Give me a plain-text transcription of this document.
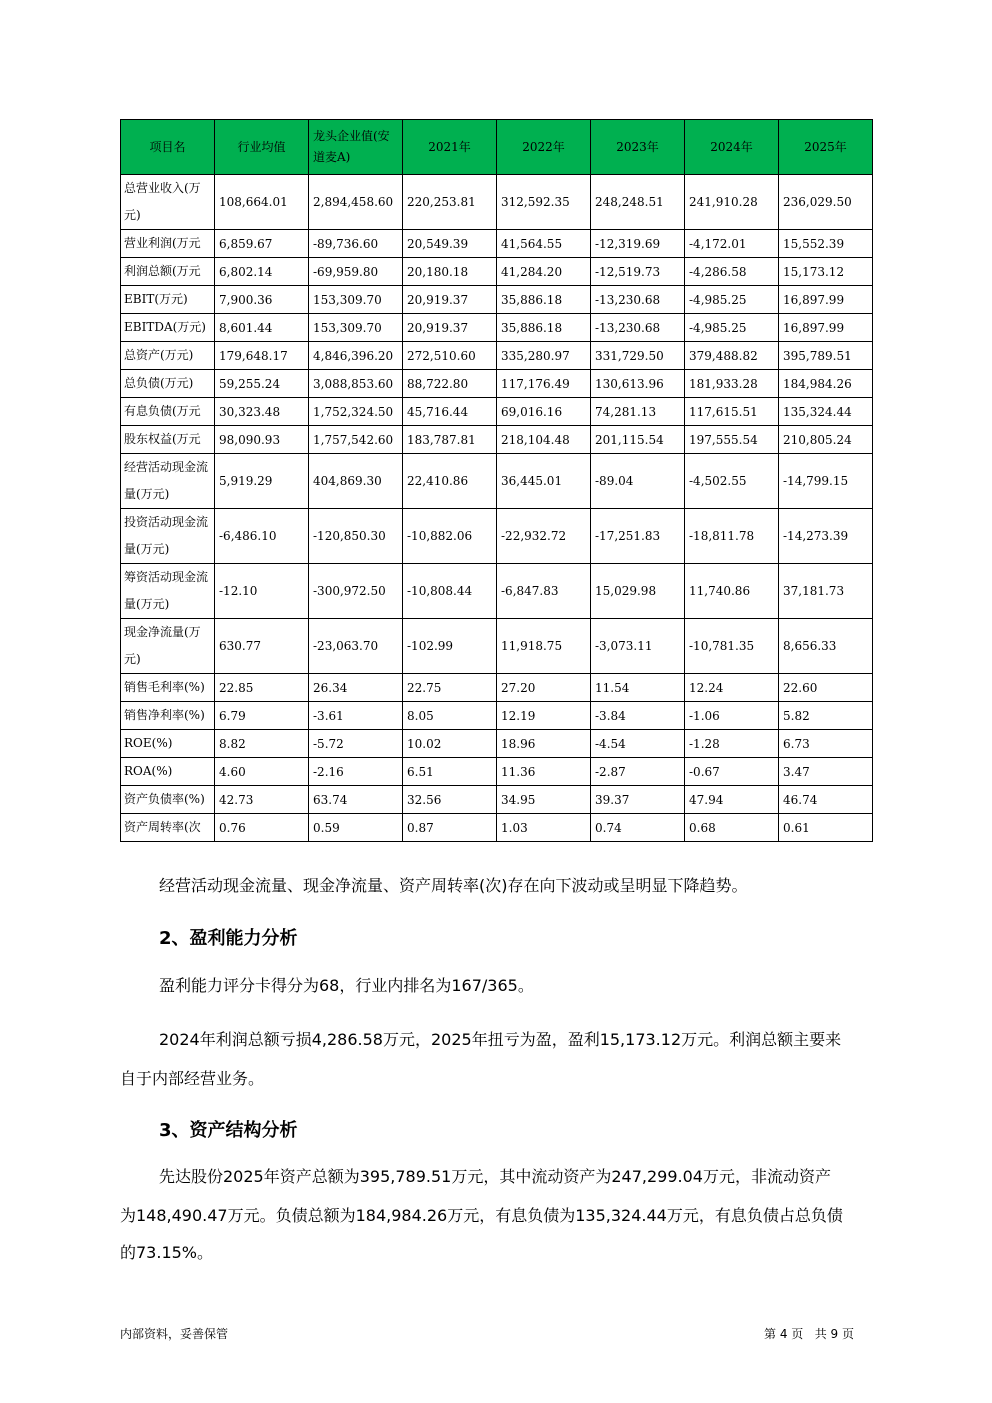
项目名	行业均值	龙头企业值(安道麦A)	2021年	2022年	2023年	2024年	2025年
总营业收入(万元)	108,664.01	2,894,458.60	220,253.81	312,592.35	248,248.51	241,910.28	236,029.50
营业利润(万元	6,859.67	-89,736.60	20,549.39	41,564.55	-12,319.69	-4,172.01	15,552.39
利润总额(万元	6,802.14	-69,959.80	20,180.18	41,284.20	-12,519.73	-4,286.58	15,173.12
EBIT(万元)	7,900.36	153,309.70	20,919.37	35,886.18	-13,230.68	-4,985.25	16,897.99
EBITDA(万元)	8,601.44	153,309.70	20,919.37	35,886.18	-13,230.68	-4,985.25	16,897.99
总资产(万元)	179,648.17	4,846,396.20	272,510.60	335,280.97	331,729.50	379,488.82	395,789.51
总负债(万元)	59,255.24	3,088,853.60	88,722.80	117,176.49	130,613.96	181,933.28	184,984.26
有息负债(万元	30,323.48	1,752,324.50	45,716.44	69,016.16	74,281.13	117,615.51	135,324.44
股东权益(万元	98,090.93	1,757,542.60	183,787.81	218,104.48	201,115.54	197,555.54	210,805.24
经营活动现金流量(万元)	5,919.29	404,869.30	22,410.86	36,445.01	-89.04	-4,502.55	-14,799.15
投资活动现金流量(万元)	-6,486.10	-120,850.30	-10,882.06	-22,932.72	-17,251.83	-18,811.78	-14,273.39
筹资活动现金流量(万元)	-12.10	-300,972.50	-10,808.44	-6,847.83	15,029.98	11,740.86	37,181.73
现金净流量(万元)	630.77	-23,063.70	-102.99	11,918.75	-3,073.11	-10,781.35	8,656.33
销售毛利率(%)	22.85	26.34	22.75	27.20	11.54	12.24	22.60
销售净利率(%)	6.79	-3.61	8.05	12.19	-3.84	-1.06	5.82
ROE(%)	8.82	-5.72	10.02	18.96	-4.54	-1.28	6.73
ROA(%)	4.60	-2.16	6.51	11.36	-2.87	-0.67	3.47
资产负债率(%)	42.73	63.74	32.56	34.95	39.37	47.94	46.74
资产周转率(次	0.76	0.59	0.87	1.03	0.74	0.68	0.61
经营活动现金流量、现金净流量、资产周转率(次)存在向下波动或呈明显下降趋势。
2、盈利能力分析
盈利能力评分卡得分为68，行业内排名为167/365。
2024年利润总额亏损4,286.58万元，2025年扭亏为盈，盈利15,173.12万元。利润总额主要来
自于内部经营业务。
3、资产结构分析
先达股份2025年资产总额为395,789.51万元，其中流动资产为247,299.04万元，非流动资产
为148,490.47万元。负债总额为184,984.26万元，有息负债为135,324.44万元，有息负债占总负债
的73.15%。
内部资料，妥善保管	第 4 页   共 9 页
